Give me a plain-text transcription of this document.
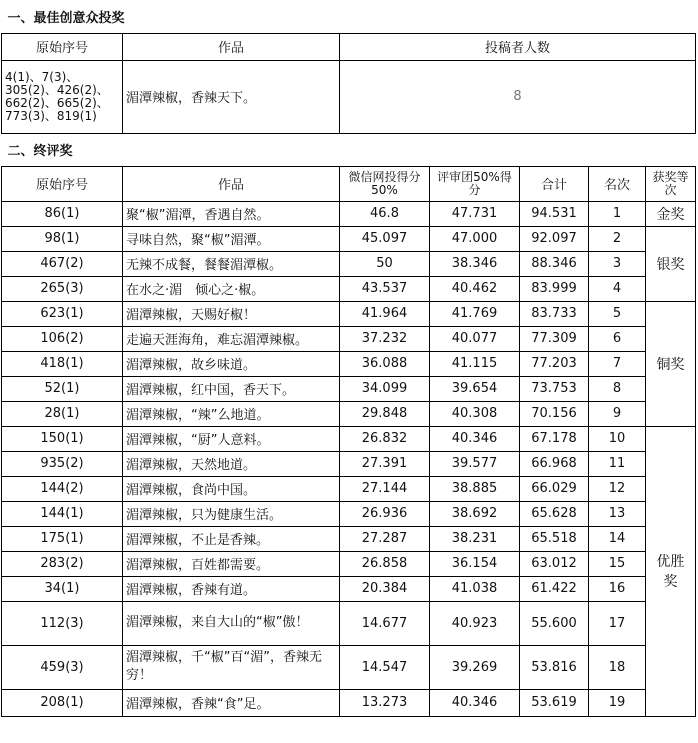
一、最佳创意众投奖						
原始序号	作品	投稿者人数				
4(1)、7(3)、305(2)、426(2)、662(2)、665(2)、773(3)、819(1)	湄潭辣椒，香辣天下。	8				
二、终评奖						
原始序号	作品	微信网投得分50%	评审团50%得分	合计	名次	获奖等次
86(1)	聚“椒”湄潭，香遇自然。	46.8	47.731	94.531	1	金奖
98(1)	寻味自然，聚“椒”湄潭。	45.097	47.000	92.097	2	银奖
467(2)	无辣不成餐，餐餐湄潭椒。	50	38.346	88.346	3	
265(3)	在水之·湄　倾心之·椒。	43.537	40.462	83.999	4	
623(1)	湄潭辣椒，天赐好椒！	41.964	41.769	83.733	5	铜奖
106(2)	走遍天涯海角，难忘湄潭辣椒。	37.232	40.077	77.309	6	
418(1)	湄潭辣椒，故乡味道。	36.088	41.115	77.203	7	
52(1)	湄潭辣椒，红中国，香天下。	34.099	39.654	73.753	8	
28(1)	湄潭辣椒，“辣”么地道。	29.848	40.308	70.156	9	
150(1)	湄潭辣椒，“厨”人意料。	26.832	40.346	67.178	10	优胜奖
935(2)	湄潭辣椒，天然地道。	27.391	39.577	66.968	11	
144(2)	湄潭辣椒，食尚中国。	27.144	38.885	66.029	12	
144(1)	湄潭辣椒，只为健康生活。	26.936	38.692	65.628	13	
175(1)	湄潭辣椒，不止是香辣。	27.287	38.231	65.518	14	
283(2)	湄潭辣椒，百姓都需要。	26.858	36.154	63.012	15	
34(1)	湄潭辣椒，香辣有道。	20.384	41.038	61.422	16	
112(3)	湄潭辣椒，来自大山的“椒”傲！	14.677	40.923	55.600	17	
459(3)	湄潭辣椒，千“椒”百“湄”，香辣无穷！	14.547	39.269	53.816	18	
208(1)	湄潭辣椒，香辣“食”足。	13.273	40.346	53.619	19	
